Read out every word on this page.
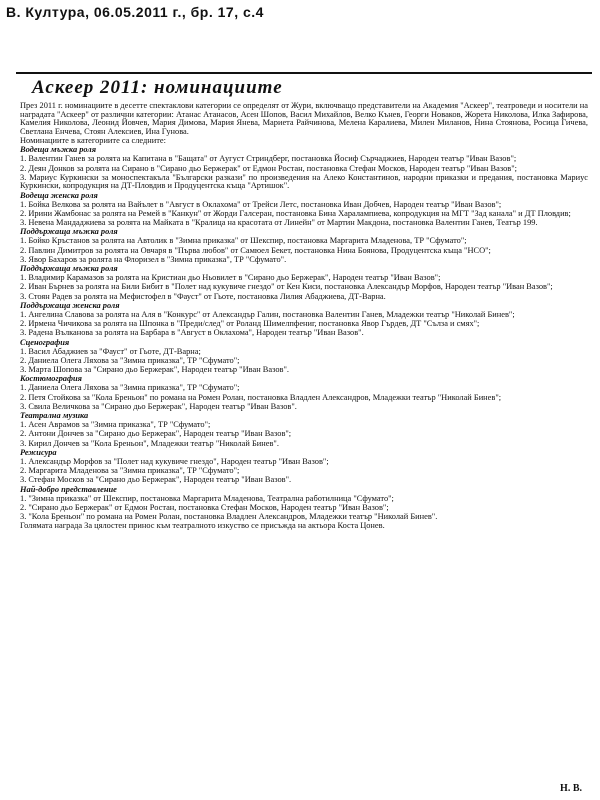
В. Култура, 06.05.2011 г., бр. 17, с.4
Аскеер 2011: номинациите

През 2011 г. номинациите в десетте спектаклови категории се определят от Жури, включващо представители на Академия "Аскеер", театроведи и носители на наградата "Аскеер" от различни категории: Атанас Атанасов, Асен Шопов, Васил Михайлов, Велко Кънев, Георги Новаков, Жорета Николова, Илка Зафирова, Камелия Николова, Леонид Йовчев, Мария Димова, Мария Янева, Мариета Райчинова, Мелена Каралиева, Милен Миланов, Нина Стоянова, Росица Гичева, Светлана Енчева, Стоян Алексиев, Ина Гунова.

Номинациите в категориите са следните:

Водеща мъжка роля

1. Валентин Ганев за ролята на Капитана в "Бащата" от Аугуст Стриндберг, постановка Йосиф Сърчаджиев, Народен театър "Иван Вазов";

2. Деян Донков за ролята на Сирано в "Сирано дьо Бержерак" от Едмон Ростан, постановка Стефан Москов, Народен театър "Иван Вазов";

3. Мариус Куркински за моноспектакъла "Български разкази" по произведения на Алеко Константинов, народни приказки и предания, постановка Мариус Куркински, копродукция на ДТ-Пловдив и Продуцентска къща "Артишок".

Водеща женска роля

1. Бойка Велкова за ролята на Вайълет в "Август в Оклахома" от Трейси Летс, постановка Иван Добчев, Народен театър "Иван Вазов";

2. Ирини Жамбонас за ролята на Ремей в "Канкун" от Жорди Галсеран, постановка Бина Харалампиева, копродукция на МГТ "Зад канала" и ДТ Пловдив;

3. Невена Мандаджиева за ролята на Майката в "Кралица на красотата от Линейн" от Мартин Макдона, постановка Валентин Ганев, Театър 199.

Поддържаща мъжка роля

1. Бойко Кръстанов за ролята на Автолик в "Зимна приказка" от Шекспир, постановка Маргарита Младенова, ТР "Сфумато";

2. Павлин Димитров за ролята на Овчаря в "Първа любов" от Самюел Бекет, постановка Нина Боянова, Продуцентска къща "НСО";

3. Явор Бахаров за ролята на Флоризел в "Зимна приказка", ТР "Сфумато".

Поддържаща мъжка роля

1. Владимир Карамазов за ролята на Кристиан дьо Ньовилет в "Сирано дьо Бержерак", Народен театър "Иван Вазов";

2. Иван Бърнев за ролята на Били Бибит в "Полет над кукувиче гнездо" от Кен Киси, постановка Александър Морфов, Народен театър "Иван Вазов";

3. Стоян Радев за ролята на Мефистофел в "Фауст" от Гьоте, постановка Лилия Абаджиева, ДТ-Варна.

Поддържаща женска роля

1. Ангелина Славова за ролята на Аля в "Конкурс" от Александър Галин, постановка Валентин Ганев, Младежки театър "Николай Бинев";

2. Ирмена Чичикова за ролята на Шпонка в "Преди/след" от Роланд Шимелпфениг, постановка Явор Гърдев, ДТ "Сълза и смях";

3. Радена Вълканова за ролята на Барбара в "Август в Оклахома", Народен театър "Иван Вазов".

Сценография

1. Васил Абаджиев за "Фауст" от Гьоте, ДТ-Варна;

2. Даниела Олега Ляхова за "Зимна приказка", ТР "Сфумато";

3. Марта Шопова за "Сирано дьо Бержерак", Народен театър "Иван Вазов".

Костюмография

1. Даниела Олега Ляхова за "Зимна приказка", ТР "Сфумато";

2. Петя Стойкова за "Кола Бреньон" по романа на Ромен Ролан, постановка Владлен Александров, Младежки театър "Николай Бинев";

3. Свила Величкова за "Сирано дьо Бержерак", Народен театър "Иван Вазов".

Театрална музика

1. Асен Аврамов за "Зимна приказка", ТР "Сфумато";

2. Антони Дончев за "Сирано дьо Бержерак", Народен театър "Иван Вазов";

3. Кирил Дончев за "Кола Бреньон", Младежки театър "Николай Бинев".

Режисура

1. Александър Морфов за "Полет над кукувиче гнездо", Народен театър "Иван Вазов";

2. Маргарита Младенова за "Зимна приказка", ТР "Сфумато";

3. Стефан Москов за "Сирано дьо Бержерак", Народен театър "Иван Вазов".

Най-добро представление

1. "Зимна приказка" от Шекспир, постановка Маргарита Младенова, Театрална работилница "Сфумато";

2. "Сирано дьо Бержерак" от Едмон Ростан, постановка Стефан Москов, Народен театър "Иван Вазов";

3. "Кола Бреньон" по романа на Ромен Ролан, постановка Владлен Александров, Младежки театър "Николай Бинев".

Голямата награда За цялостен принос към театралното изкуство се присъжда на актьора Коста Цонев.

Н. В.
